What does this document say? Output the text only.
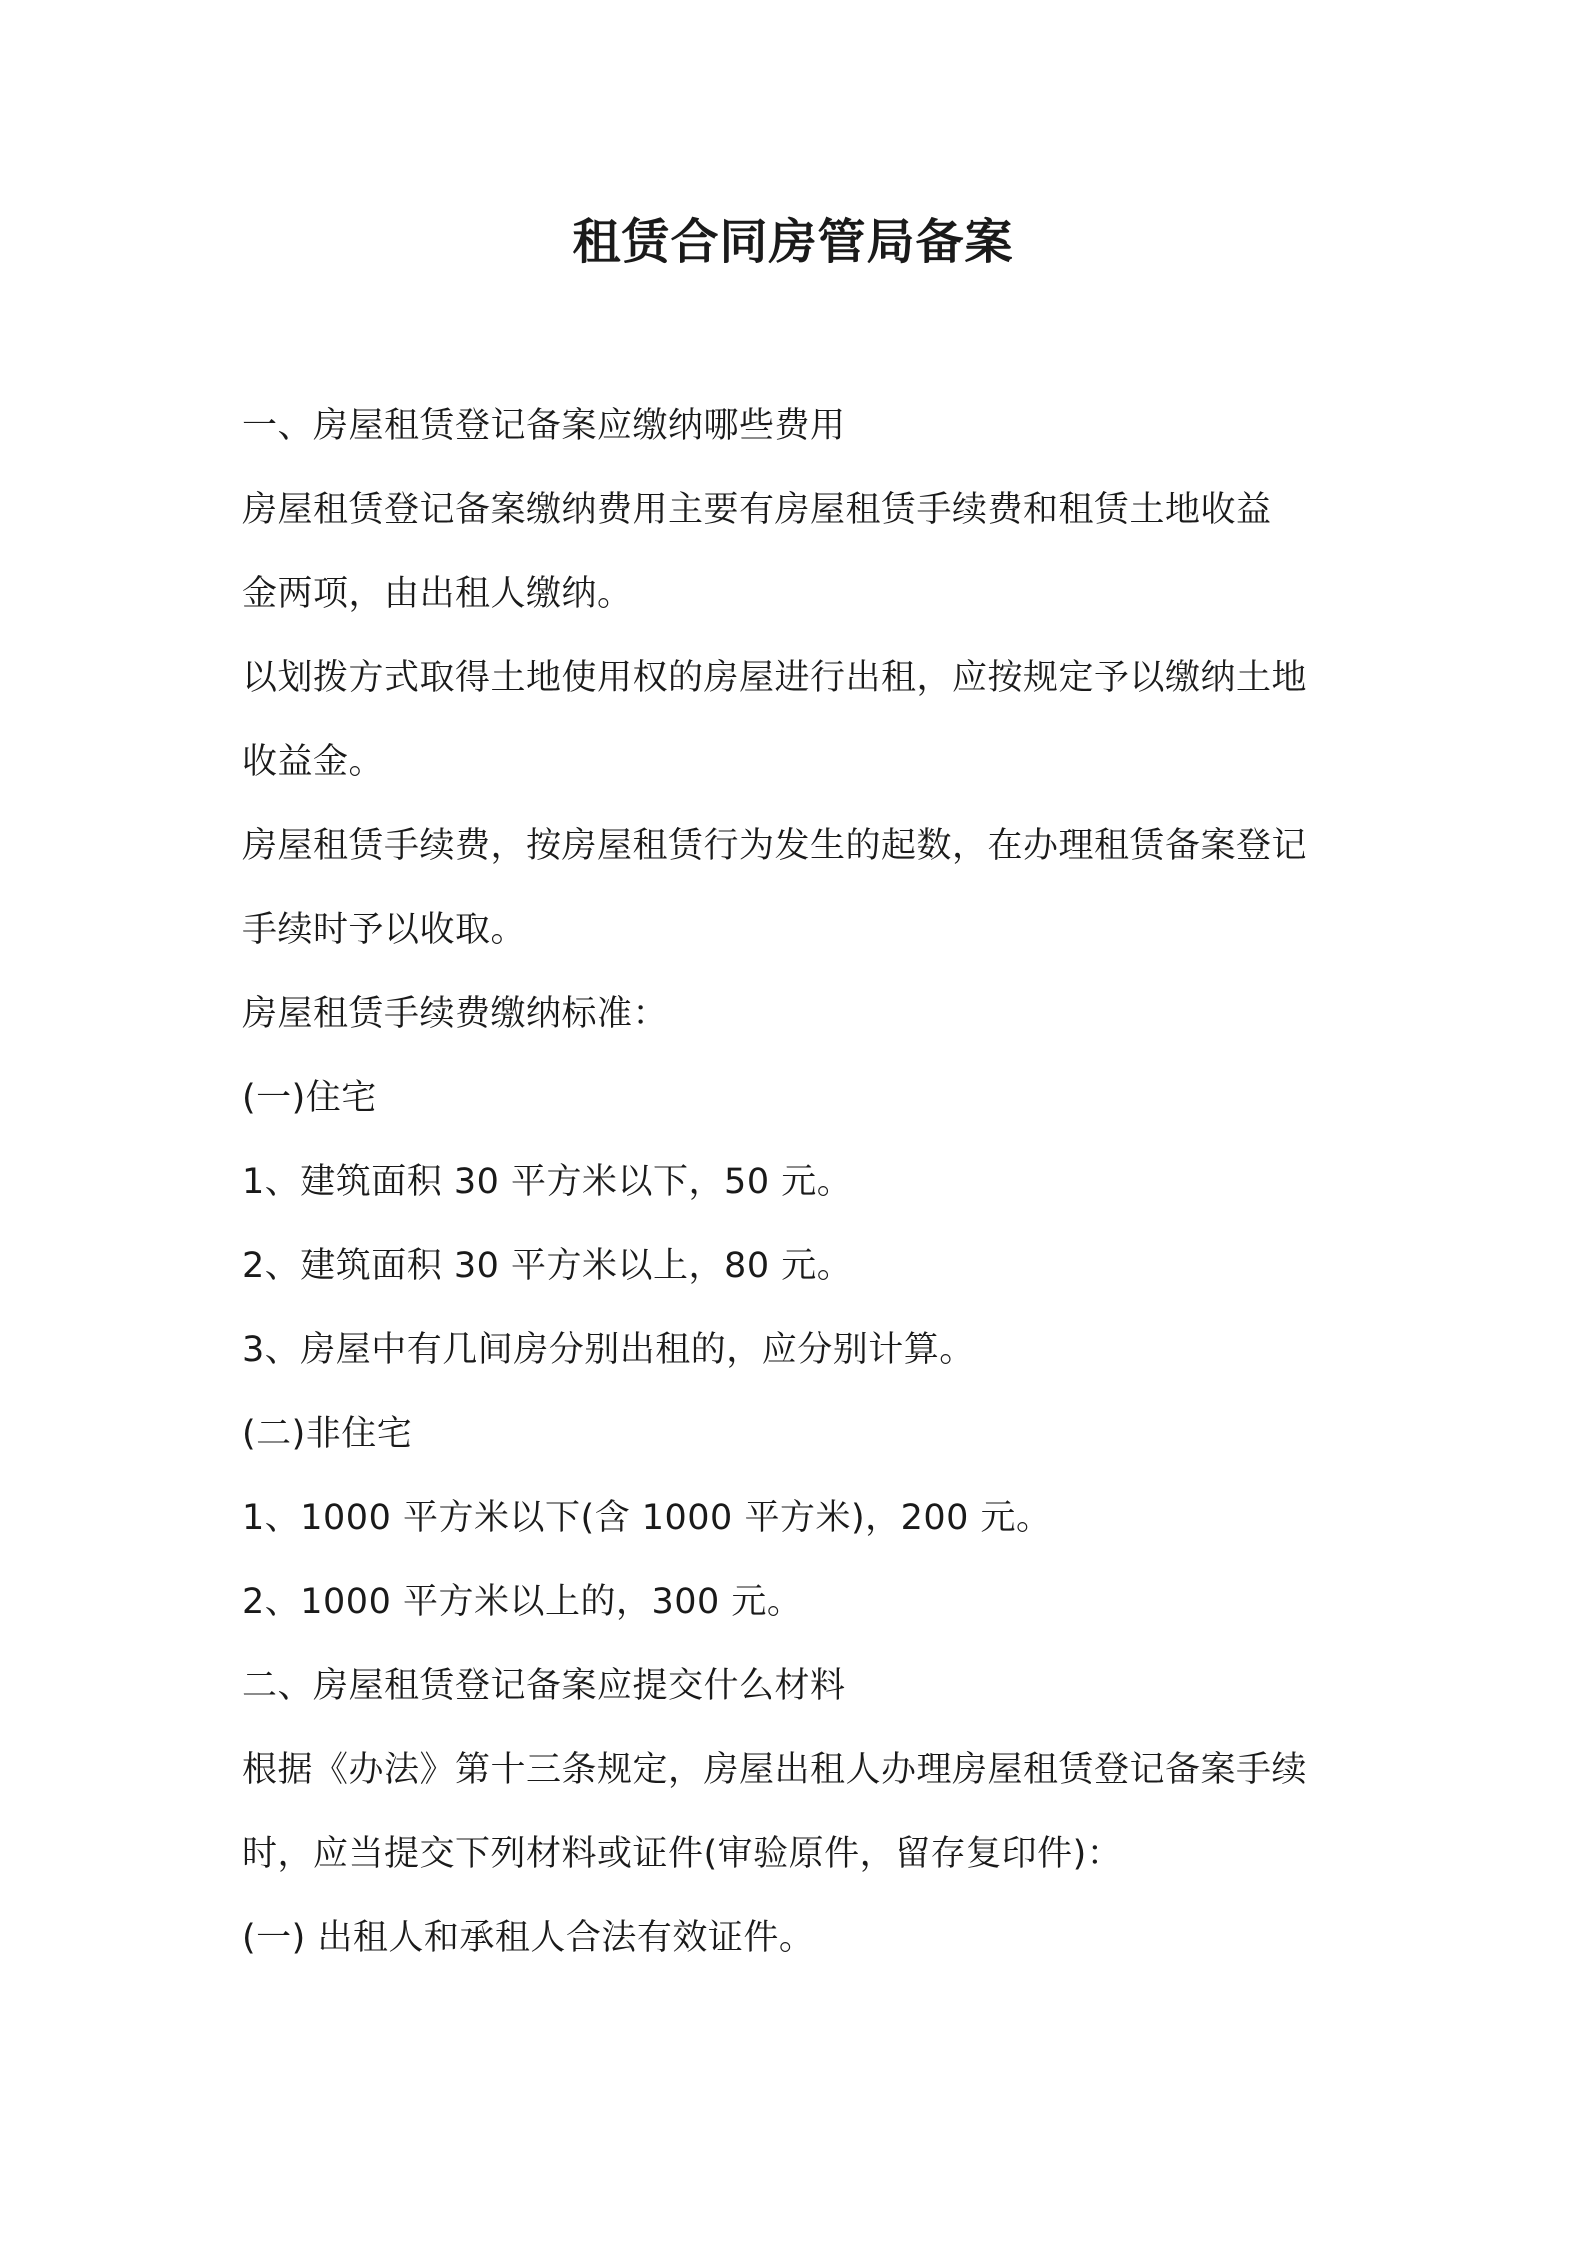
租赁合同房管局备案
一、房屋租赁登记备案应缴纳哪些费用
房屋租赁登记备案缴纳费用主要有房屋租赁手续费和租赁土地收益
金两项，由出租人缴纳。
以划拨方式取得土地使用权的房屋进行出租，应按规定予以缴纳土地
收益金。
房屋租赁手续费，按房屋租赁行为发生的起数，在办理租赁备案登记
手续时予以收取。
房屋租赁手续费缴纳标准：
(一)住宅
1、建筑面积 30 平方米以下，50 元。
2、建筑面积 30 平方米以上，80 元。
3、房屋中有几间房分别出租的，应分别计算。
(二)非住宅
1、1000 平方米以下(含 1000 平方米)，200 元。
2、1000 平方米以上的，300 元。
二、房屋租赁登记备案应提交什么材料
根据《办法》第十三条规定，房屋出租人办理房屋租赁登记备案手续
时，应当提交下列材料或证件(审验原件，留存复印件)：
(一) 出租人和承租人合法有效证件。
